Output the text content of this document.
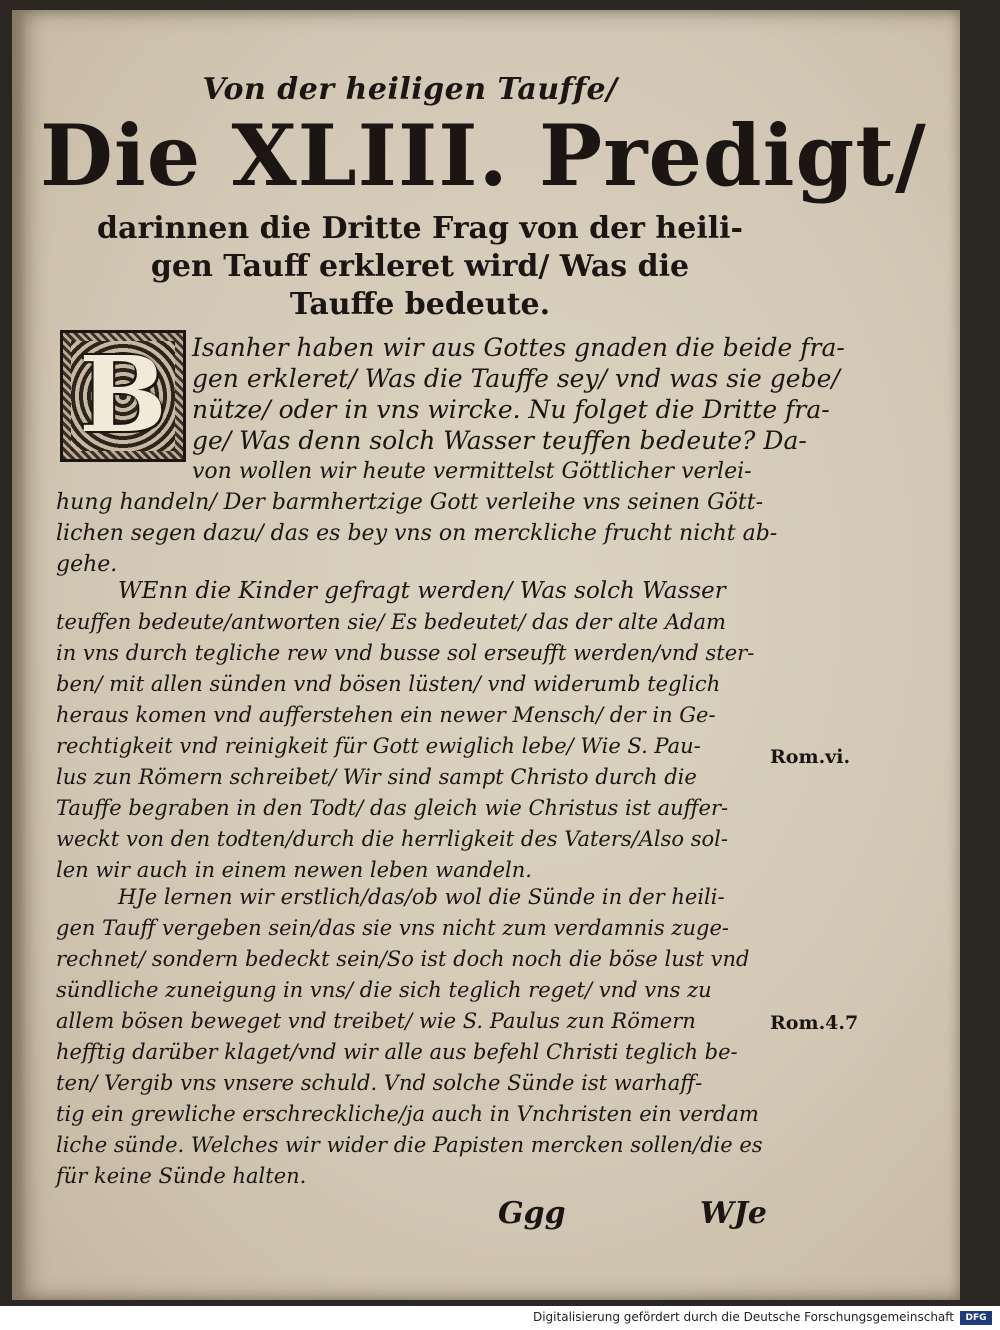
Von der heiligen Tauffe/
Die XLIII. Predigt/
darinnen die Dritte Frag von der heili-
gen Tauff erkleret wird/ Was die
Tauffe bedeute.
B	Isanher haben wir aus Gottes gnaden die beide fra-
gen erkleret/ Was die Tauffe sey/ vnd was sie gebe/
nütze/ oder in vns wircke. Nu folget die Dritte fra-
ge/ Was denn solch Wasser teuffen bedeute? Da-
von wollen wir heute vermittelst Göttlicher verlei-
hung handeln/ Der barmhertzige Gott verleihe vns seinen Gött-
lichen segen dazu/ das es bey vns on merckliche frucht nicht ab-
gehe.
WEnn die Kinder gefragt werden/ Was solch Wasser
teuffen bedeute/antworten sie/ Es bedeutet/ das der alte Adam
in vns durch tegliche rew vnd busse sol erseufft werden/vnd ster-
ben/ mit allen sünden vnd bösen lüsten/ vnd widerumb teglich
heraus komen vnd aufferstehen ein newer Mensch/ der in Ge-
rechtigkeit vnd reinigkeit für Gott ewiglich lebe/ Wie S. Pau-
lus zun Römern schreibet/ Wir sind sampt Christo durch die
Tauffe begraben in den Todt/ das gleich wie Christus ist auffer-
weckt von den todten/durch die herrligkeit des Vaters/Also sol-
len wir auch in einem newen leben wandeln.
HJe lernen wir erstlich/das/ob wol die Sünde in der heili-
gen Tauff vergeben sein/das sie vns nicht zum verdamnis zuge-
rechnet/ sondern bedeckt sein/So ist doch noch die böse lust vnd
sündliche zuneigung in vns/ die sich teglich reget/ vnd vns zu
allem bösen beweget vnd treibet/ wie S. Paulus zun Römern
hefftig darüber klaget/vnd wir alle aus befehl Christi teglich be-
ten/ Vergib vns vnsere schuld. Vnd solche Sünde ist warhaff-
tig ein grewliche erschreckliche/ja auch in Vnchristen ein verdam
liche sünde. Welches wir wider die Papisten mercken sollen/die es
für keine Sünde halten.
Rom.vi.
Rom.4.7
Ggg	WJe
Digitalisierung gefördert durch die Deutsche Forschungsgemeinschaft	DFG
